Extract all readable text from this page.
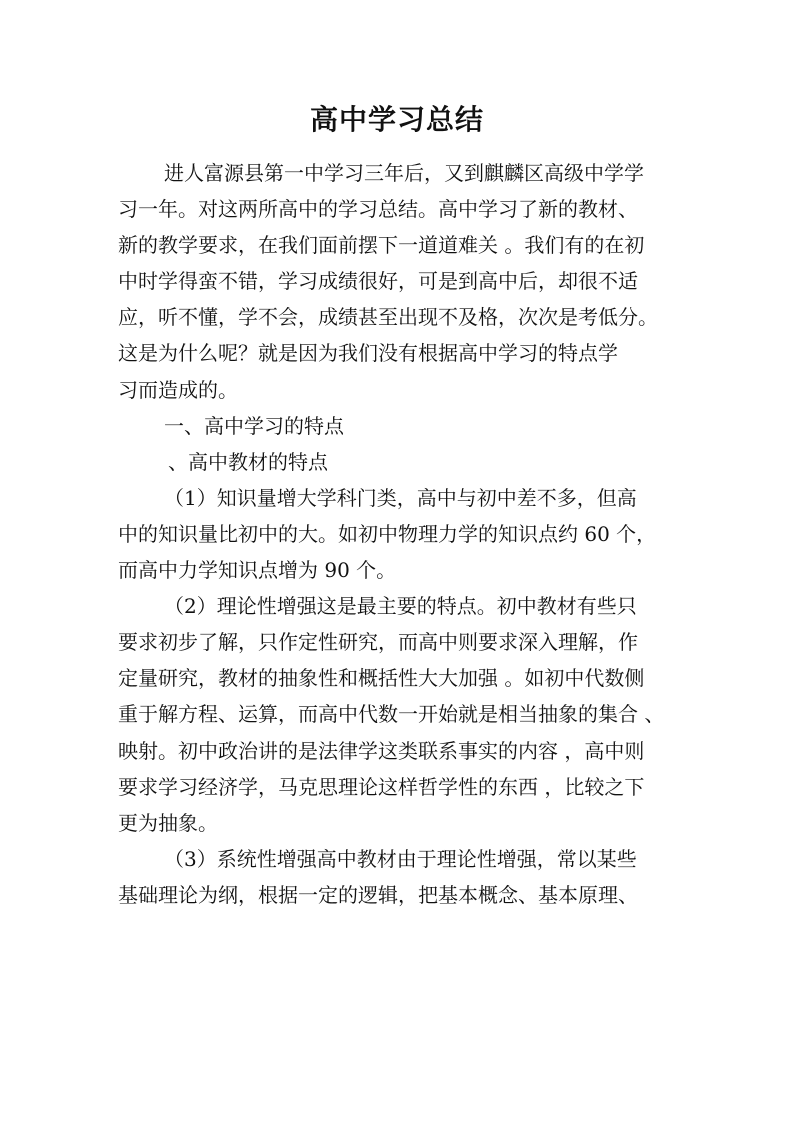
高中学习总结
进人富源县第一中学习三年后，又到麒麟区高级中学学
习一年。对这两所高中的学习总结。高中学习了新的教材、
新的教学要求，在我们面前摆下一道道难关 。我们有的在初
中时学得蛮不错，学习成绩很好，可是到高中后，却很不适
应，听不懂，学不会，成绩甚至出现不及格，次次是考低分。
这是为什么呢？就是因为我们没有根据高中学习的特点学
习而造成的。
一、高中学习的特点
、高中教材的特点
（1）知识量增大学科门类，高中与初中差不多，但高
中的知识量比初中的大。如初中物理力学的知识点约 60 个，
而高中力学知识点增为 90 个。
（2）理论性增强这是最主要的特点。初中教材有些只
要求初步了解，只作定性研究，而高中则要求深入理解，作
定量研究，教材的抽象性和概括性大大加强 。如初中代数侧
重于解方程、运算，而高中代数一开始就是相当抽象的集合 、
映射。初中政治讲的是法律学这类联系事实的内容 ，高中则
要求学习经济学，马克思理论这样哲学性的东西 ，比较之下
更为抽象。
（3）系统性增强高中教材由于理论性增强，常以某些
基础理论为纲，根据一定的逻辑，把基本概念、基本原理、
